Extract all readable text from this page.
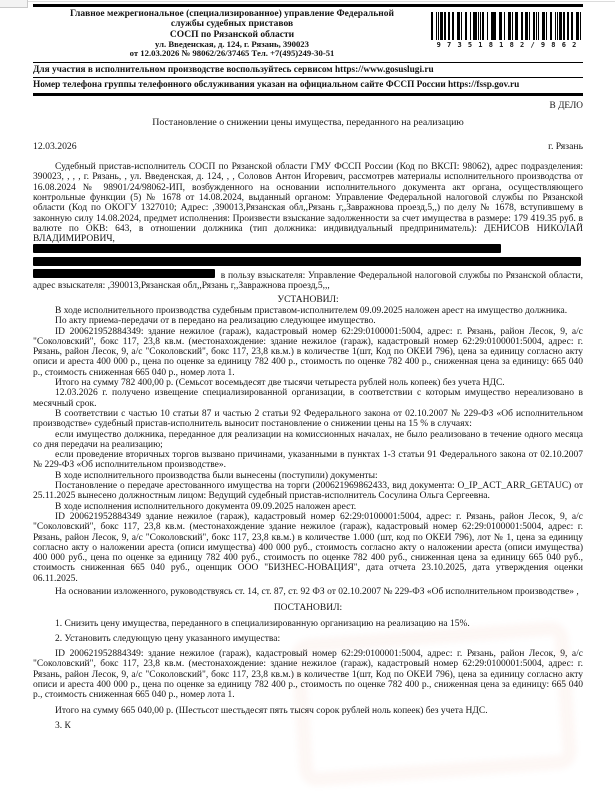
Главное межрегиональное (специализированное) управление Федеральной
службы судебных приставов
СОСП по Рязанской области
ул. Введенская, д. 124, г. Рязань, 390023
от 12.03.2026 № 98062/26/37465 Тел. +7(495)249-30-51
9 7 3 5 1 8 1 8 2 / 9 8 6 2
Для участия в исполнительном производстве воспользуйтесь сервисом https://www.gosuslugi.ru
Номер телефона группы телефонного обслуживания указан на официальном сайте ФССП России https://fssp.gov.ru
В ДЕЛО
Постановление о снижении цены имущества, переданного на реализацию
12.03.2026	г. Рязань

Судебный пристав-исполнитель СОСП по Рязанской области ГМУ ФССП России (Код по ВКСП: 98062), адрес подразделения: 390023, , , , г. Рязань, , ул. Введенская, д. 124, , , Соловов Антон Игоревич, рассмотрев материалы исполнительного производства от 16.08.2024 № 98901/24/98062-ИП, возбужденного на основании исполнительного документа акт органа, осуществляющего контрольные функции (5) № 1678 от 14.08.2024, выданный органом: Управление Федеральной налоговой службы по Рязанской области (Код по ОКОГУ 1327010; Адрес: ,390013,Рязанская обл,,Рязань г,,Завражнова проезд,5,,) по делу № 1678, вступившему в законную силу 14.08.2024, предмет исполнения: Произвести взыскание задолженности за счет имущества в размере: 179 419.35 руб. в валюте по ОКВ: 643, в отношении должника (тип должника: индивидуальный предприниматель): ДЕНИСОВ НИКОЛАЙ ВЛАДИМИРОВИЧ,    в пользу взыскателя: Управление Федеральной налоговой службы по Рязанской области, адрес взыскателя: ,390013,Рязанская обл,,Рязань г,,Завражнова проезд,5,,,

УСТАНОВИЛ:

В ходе исполнительного производства судебным приставом-исполнителем 09.09.2025 наложен арест на имущество должника.

По акту приема-передачи от в передано на реализацию следующее имущество.

ID 200621952884349: здание нежилое (гараж), кадастровый номер 62:29:0100001:5004, адрес: г. Рязань, район Лесок, 9, а/с "Соколовский", бокс 117, 23,8 кв.м. (местонахождение: здание нежилое (гараж), кадастровый номер 62:29:0100001:5004, адрес: г. Рязань, район Лесок, 9, а/с "Соколовский", бокс 117, 23,8 кв.м.) в количестве 1(шт, Код по ОКЕИ 796), цена за единицу согласно акту описи и ареста 400 000 р., цена по оценке за единицу 782 400 р., стоимость по оценке 782 400 р., сниженная цена за единицу: 665 040 р., стоимость сниженная 665 040 р., номер лота 1.

Итого на сумму 782 400,00 р. (Семьсот восемьдесят две тысячи четыреста рублей ноль копеек) без учета НДС.

12.03.2026 г. получено извещение специализированной организации, в соответствии с которым имущество нереализовано в месячный срок.

В соответствии с частью 10 статьи 87 и частью 2 статьи 92 Федерального закона от 02.10.2007 № 229-ФЗ «Об исполнительном производстве» судебный пристав-исполнитель выносит постановление о снижении цены на 15 % в случаях:

если имущество должника, переданное для реализации на комиссионных началах, не было реализовано в течение одного месяца со дня передачи на реализацию;

если проведение вторичных торгов вызвано причинами, указанными в пунктах 1-3 статьи 91 Федерального закона от 02.10.2007 № 229-ФЗ «Об исполнительном производстве».

В ходе исполнительного производства были вынесены (поступили) документы:

Постановление о передаче арестованного имущества на торги (200621969862433, вид документа: O_IP_ACT_ARR_GETAUC) от 25.11.2025 вынесено должностным лицом: Ведущий судебный пристав-исполнитель Сосулина Ольга Сергеевна.

В ходе исполнения исполнительного документа 09.09.2025 наложен арест.

ID 200621952884349 здание нежилое (гараж), кадастровый номер 62:29:0100001:5004, адрес: г. Рязань, район Лесок, 9, а/с "Соколовский", бокс 117, 23,8 кв.м. (местонахождение здание нежилое (гараж), кадастровый номер 62:29:0100001:5004, адрес: г. Рязань, район Лесок, 9, а/с "Соколовский", бокс 117, 23,8 кв.м.) в количестве 1.000 (шт, код по ОКЕИ 796), лот № 1, цена за единицу согласно акту о наложении ареста (описи имущества) 400 000 руб., стоимость согласно акту о наложении ареста (описи имущества) 400 000 руб., цена по оценке за единицу 782 400 руб., стоимость по оценке 782 400 руб., сниженная цена за единицу 665 040 руб., стоимость сниженная 665 040 руб., оценщик ООО "БИЗНЕС-НОВАЦИЯ", дата отчета 23.10.2025, дата утверждения оценки 06.11.2025.

На основании изложенного, руководствуясь ст. 14, ст. 87, ст. 92 ФЗ от 02.10.2007 № 229-ФЗ «Об исполнительном производстве» ,

ПОСТАНОВИЛ:

1. Снизить цену имущества, переданного в специализированную организацию на реализацию на 15%.

2. Установить следующую цену указанного имущества:

ID 200621952884349: здание нежилое (гараж), кадастровый номер 62:29:0100001:5004, адрес: г. Рязань, район Лесок, 9, а/с "Соколовский", бокс 117, 23,8 кв.м. (местонахождение: здание нежилое (гараж), кадастровый номер 62:29:0100001:5004, адрес: г. Рязань, район Лесок, 9, а/с "Соколовский", бокс 117, 23,8 кв.м.) в количестве 1(шт, Код по ОКЕИ 796), цена за единицу согласно акту описи и ареста 400 000 р., цена по оценке за единицу 782 400 р., стоимость по оценке 782 400 р., сниженная цена за единицу: 665 040 р., стоимость сниженная 665 040 р., номер лота 1.

Итого на сумму 665 040,00 р. (Шестьсот шестьдесят пять тысяч сорок рублей ноль копеек) без учета НДС.

3. К
